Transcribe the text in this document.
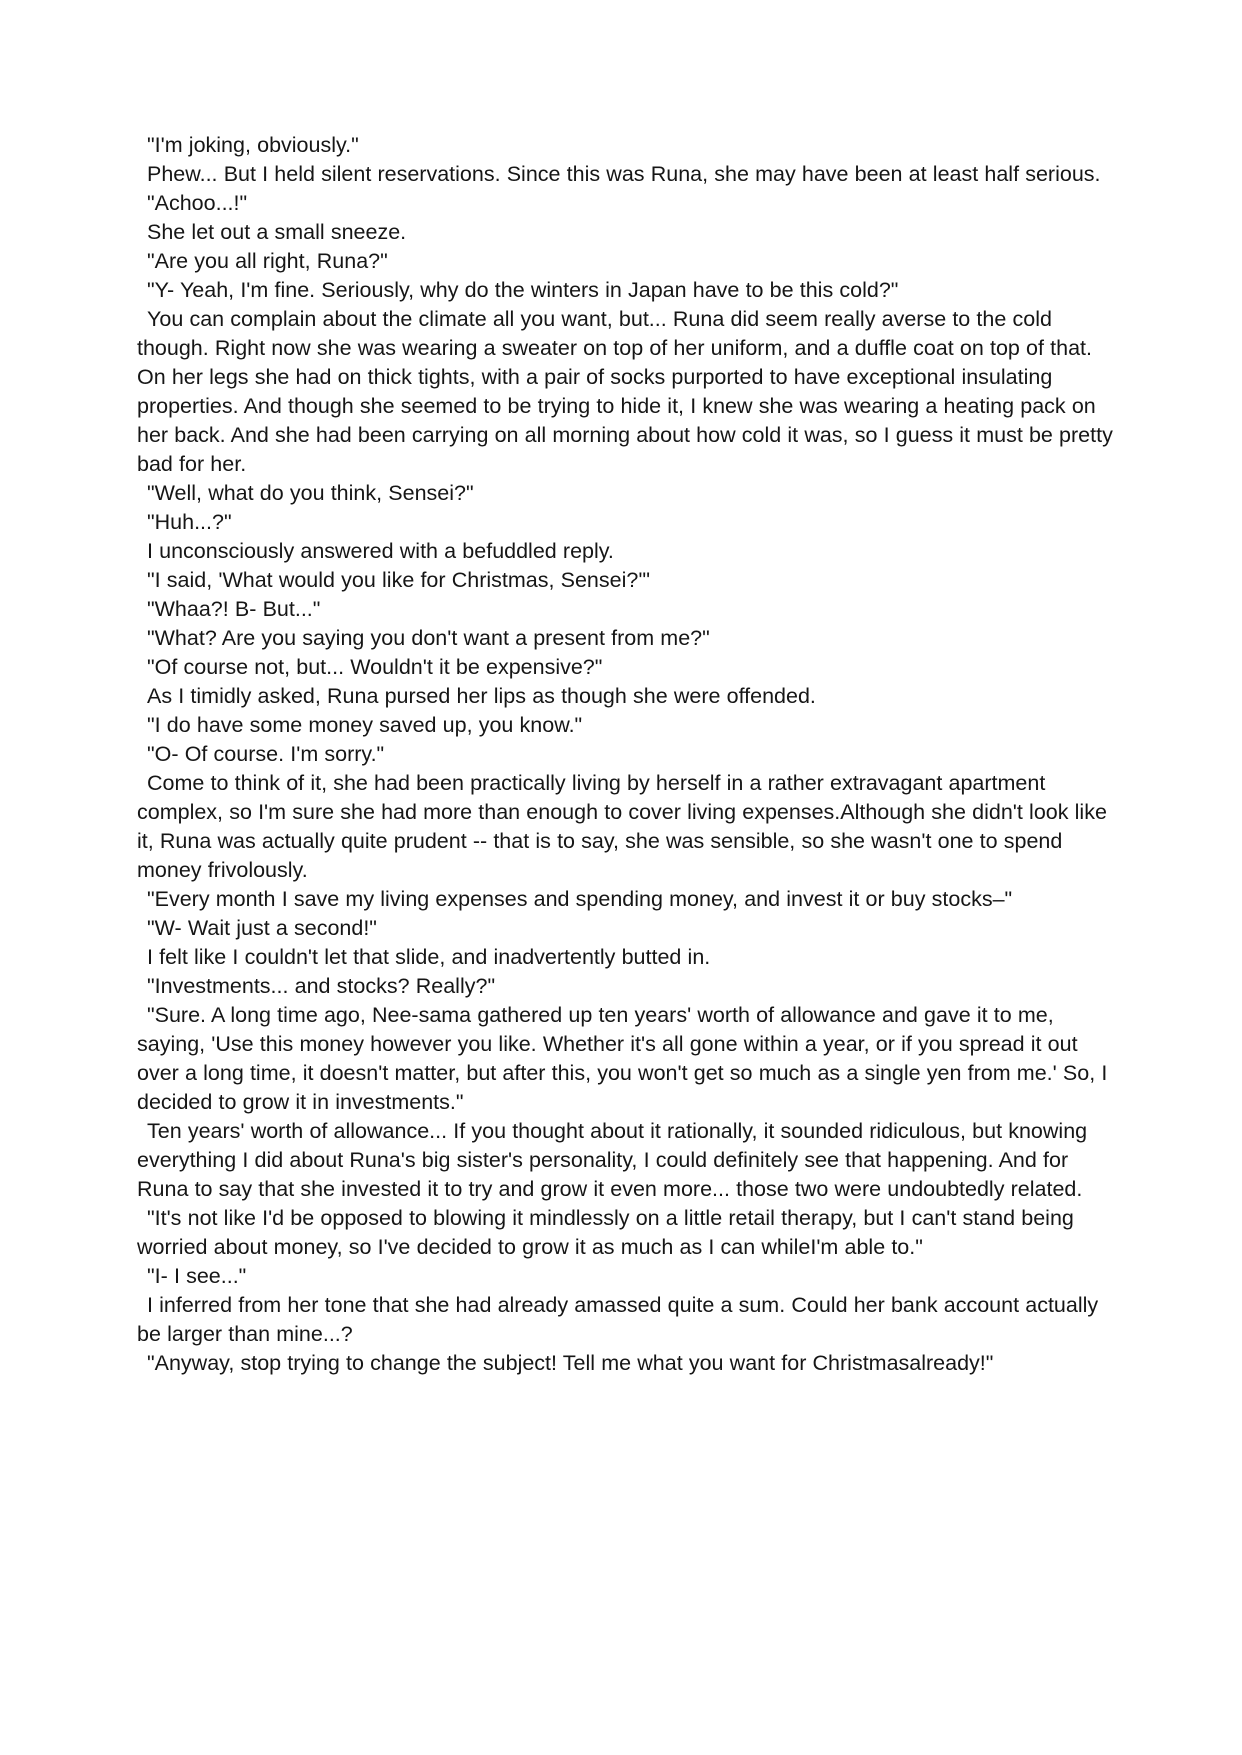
"I'm joking, obviously."

Phew... But I held silent reservations. Since this was Runa, she may have been at least half serious.

"Achoo...!"

She let out a small sneeze.

"Are you all right, Runa?"

"Y- Yeah, I'm fine. Seriously, why do the winters in Japan have to be this cold?"

You can complain about the climate all you want, but... Runa did seem really averse to the cold though. Right now she was wearing a sweater on top of her uniform, and a duffle coat on top of that. On her legs she had on thick tights, with a pair of socks purported to have exceptional insulating properties. And though she seemed to be trying to hide it, I knew she was wearing a heating pack on her back. And she had been carrying on all morning about how cold it was, so I guess it must be pretty bad for her.

"Well, what do you think, Sensei?"

"Huh...?"

I unconsciously answered with a befuddled reply.

"I said, 'What would you like for Christmas, Sensei?'"

"Whaa?! B- But..."

"What? Are you saying you don't want a present from me?"

"Of course not, but... Wouldn't it be expensive?"

As I timidly asked, Runa pursed her lips as though she were offended.

"I do have some money saved up, you know."

"O- Of course. I'm sorry."

Come to think of it, she had been practically living by herself in a rather extravagant apartment complex, so I'm sure she had more than enough to cover living expenses.Although she didn't look like it, Runa was actually quite prudent -- that is to say, she was sensible, so she wasn't one to spend money frivolously.

"Every month I save my living expenses and spending money, and invest it or buy stocks–"

"W- Wait just a second!"

I felt like I couldn't let that slide, and inadvertently butted in.

"Investments... and stocks? Really?"

"Sure. A long time ago, Nee-sama gathered up ten years' worth of allowance and gave it to me, saying, 'Use this money however you like. Whether it's all gone within a year, or if you spread it out over a long time, it doesn't matter, but after this, you won't get so much as a single yen from me.' So, I decided to grow it in investments."

Ten years' worth of allowance... If you thought about it rationally, it sounded ridiculous, but knowing everything I did about Runa's big sister's personality, I could definitely see that happening. And for Runa to say that she invested it to try and grow it even more... those two were undoubtedly related.

"It's not like I'd be opposed to blowing it mindlessly on a little retail therapy, but I can't stand being worried about money, so I've decided to grow it as much as I can whileI'm able to."

"I- I see..."

I inferred from her tone that she had already amassed quite a sum. Could her bank account actually be larger than mine...?

"Anyway, stop trying to change the subject! Tell me what you want for Christmasalready!"
